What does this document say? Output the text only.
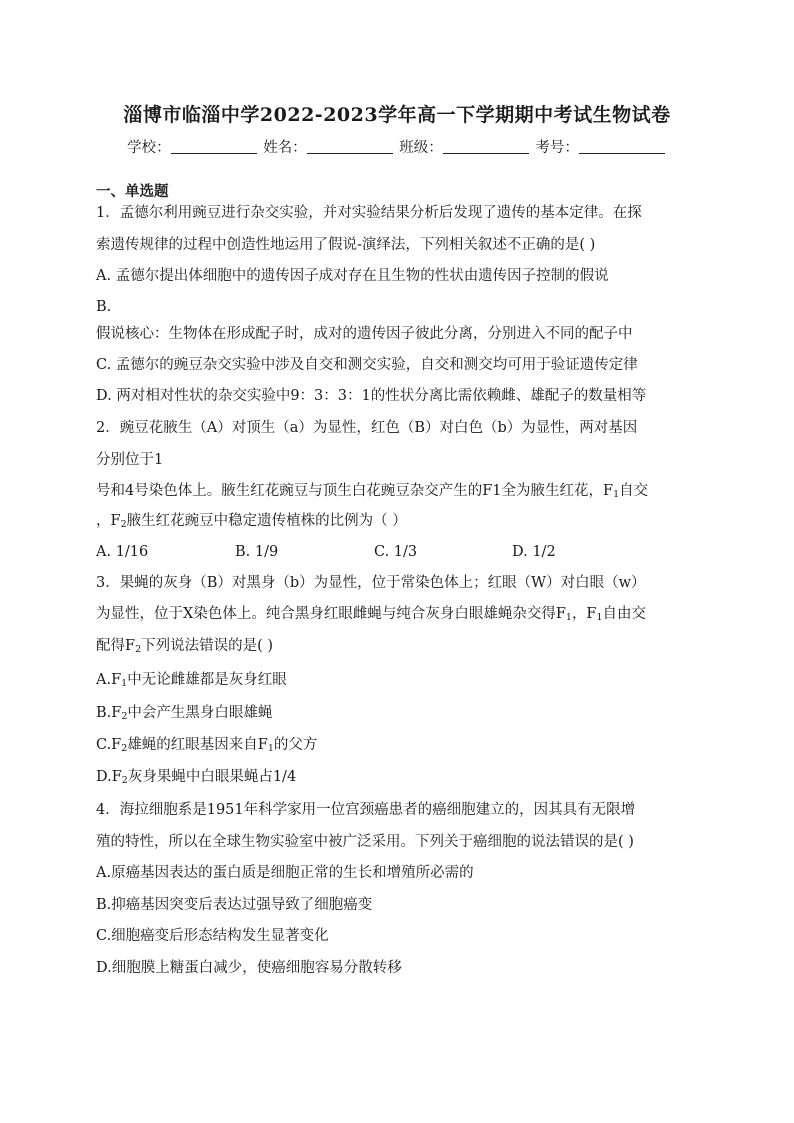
淄博市临淄中学2022-2023学年高一下学期期中考试生物试卷
学校：	姓名：	班级：	考号：
一、单选题
1．孟德尔利用豌豆进行杂交实验，并对实验结果分析后发现了遗传的基本定律。在探
索遗传规律的过程中创造性地运用了假说-演绎法，下列相关叙述不正确的是( )
A. 孟德尔提出体细胞中的遗传因子成对存在且生物的性状由遗传因子控制的假说
B.
假说核心：生物体在形成配子时，成对的遗传因子彼此分离，分别进入不同的配子中
C. 孟德尔的豌豆杂交实验中涉及自交和测交实验，自交和测交均可用于验证遗传定律
D. 两对相对性状的杂交实验中9：3：3：1的性状分离比需依赖雌、雄配子的数量相等
2．豌豆花腋生（A）对顶生（a）为显性，红色（B）对白色（b）为显性，两对基因
分别位于1
号和4号染色体上。腋生红花豌豆与顶生白花豌豆杂交产生的F1全为腋生红花，$F_1$自交
，$F_2$腋生红花豌豆中稳定遗传植株的比例为（ ）
A. 1/16	B. 1/9	C. 1/3	D. 1/2
3．果蝇的灰身（B）对黑身（b）为显性，位于常染色体上；红眼（W）对白眼（w）
为显性，位于X染色体上。纯合黑身红眼雌蝇与纯合灰身白眼雄蝇杂交得$F_1$，$F_1$自由交
配得$F_2$下列说法错误的是( )
$A.F_1$中无论雌雄都是灰身红眼
$B.F_2$中会产生黑身白眼雄蝇
$C.F_2$雄蝇的红眼基因来自$F_1$的父方
$D.F_2$灰身果蝇中白眼果蝇占1/4
4．海拉细胞系是1951年科学家用一位宫颈癌患者的癌细胞建立的，因其具有无限增
殖的特性，所以在全球生物实验室中被广泛采用。下列关于癌细胞的说法错误的是( )
A.原癌基因表达的蛋白质是细胞正常的生长和增殖所必需的
B.抑癌基因突变后表达过强导致了细胞癌变
C.细胞癌变后形态结构发生显著变化
D.细胞膜上糖蛋白减少，使癌细胞容易分散转移
